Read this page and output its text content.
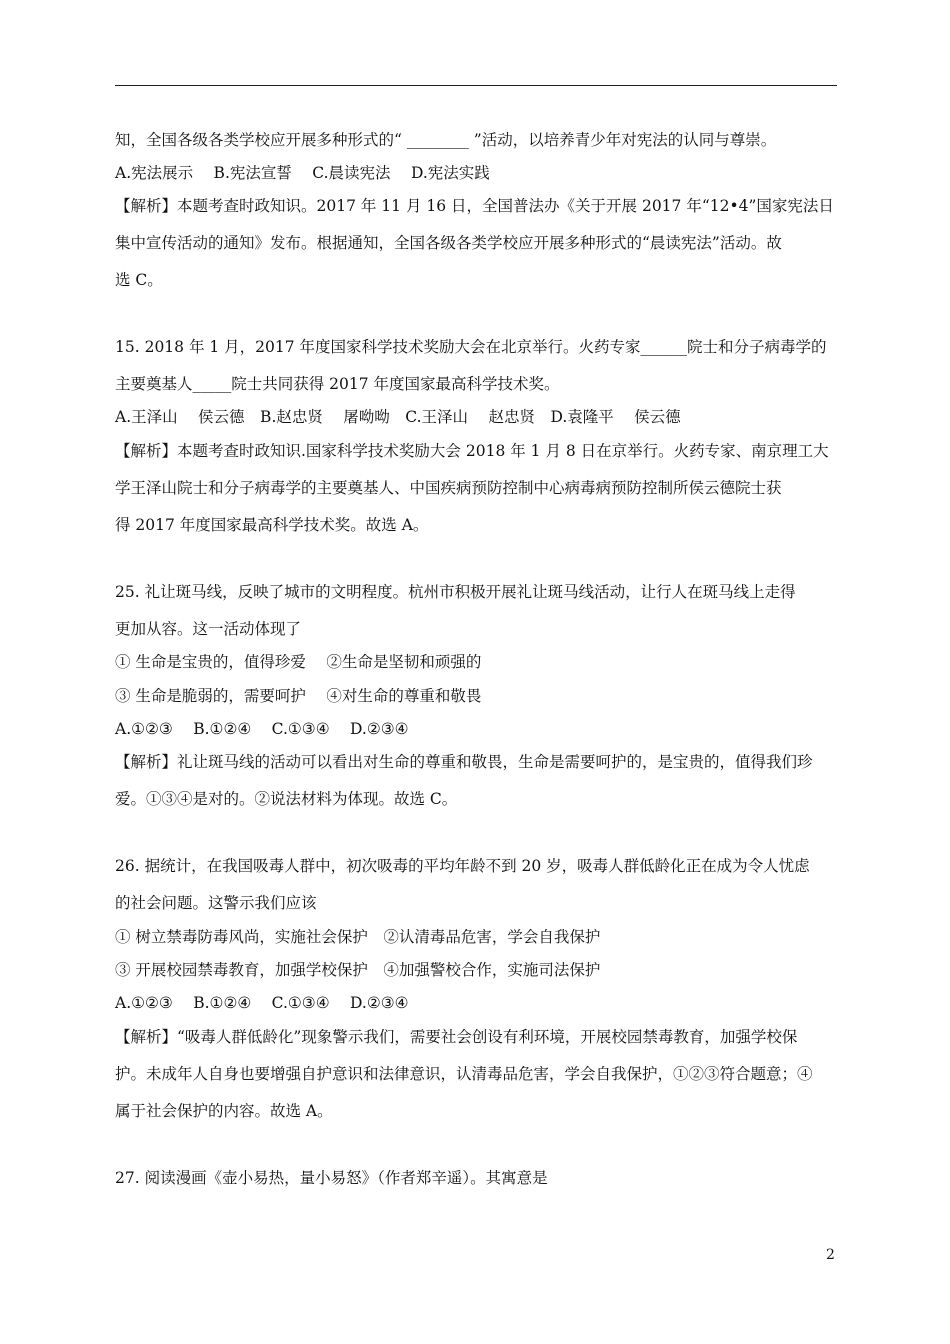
知，全国各级各类学校应开展多种形式的“ ________ ”活动，以培养青少年对宪法的认同与尊崇。
A.宪法展示　 B.宪法宣誓　 C.晨读宪法　 D.宪法实践
【解析】本题考查时政知识。2017 年 11 月 16 日，全国普法办《关于开展 2017 年“12•4”国家宪法日
集中宣传活动的通知》发布。根据通知，全国各级各类学校应开展多种形式的“晨读宪法”活动。故
选 C。
15. 2018 年 1 月，2017 年度国家科学技术奖励大会在北京举行。火药专家______院士和分子病毒学的
主要奠基人_____院士共同获得 2017 年度国家最高科学技术奖。
A.王泽山　 侯云德　B.赵忠贤　 屠呦呦　C.王泽山　 赵忠贤　D.袁隆平　 侯云德
【解析】本题考查时政知识.国家科学技术奖励大会 2018 年 1 月 8 日在京举行。火药专家、南京理工大
学王泽山院士和分子病毒学的主要奠基人、中国疾病预防控制中心病毒病预防控制所侯云德院士获
得 2017 年度国家最高科学技术奖。故选 A。
25. 礼让斑马线，反映了城市的文明程度。杭州市积极开展礼让斑马线活动，让行人在斑马线上走得
更加从容。这一活动体现了
① 生命是宝贵的，值得珍爱　 ②生命是坚韧和顽强的
③ 生命是脆弱的，需要呵护　 ④对生命的尊重和敬畏
A.①②③　 B.①②④　 C.①③④　 D.②③④
【解析】礼让斑马线的活动可以看出对生命的尊重和敬畏，生命是需要呵护的，是宝贵的，值得我们珍
爱。①③④是对的。②说法材料为体现。故选 C。
26. 据统计，在我国吸毒人群中，初次吸毒的平均年龄不到 20 岁，吸毒人群低龄化正在成为令人忧虑
的社会问题。这警示我们应该
① 树立禁毒防毒风尚，实施社会保护　②认清毒品危害，学会自我保护
③ 开展校园禁毒教育，加强学校保护　④加强警校合作，实施司法保护
A.①②③　 B.①②④　 C.①③④　 D.②③④
【解析】“吸毒人群低龄化”现象警示我们，需要社会创设有利环境，开展校园禁毒教育，加强学校保
护。未成年人自身也要增强自护意识和法律意识，认清毒品危害，学会自我保护，①②③符合题意；④
属于社会保护的内容。故选 A。
27. 阅读漫画《壶小易热，量小易怒》（作者郑辛遥）。其寓意是
2
